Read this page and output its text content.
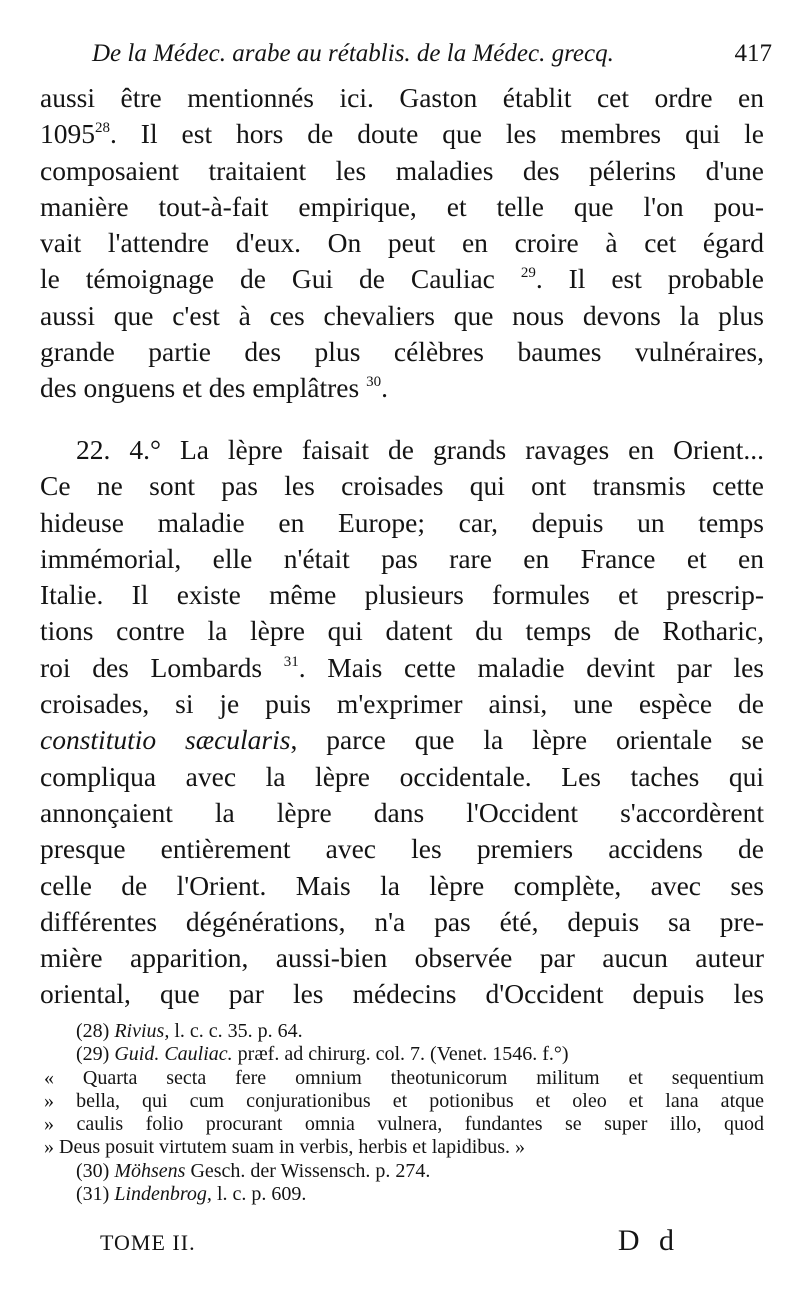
De la Médec. arabe au rétablis. de la Médec. grecq.	417
aussi être mentionnés ici. Gaston établit cet ordre en
1095$^{28}$. Il est hors de doute que les membres qui le
composaient traitaient les maladies des pélerins d'une
manière tout-à-fait empirique, et telle que l'on pou-
vait l'attendre d'eux. On peut en croire à cet égard
le témoignage de Gui de Cauliac $^{29}$. Il est probable
aussi que c'est à ces chevaliers que nous devons la plus
grande partie des plus célèbres baumes vulnéraires,
des onguens et des emplâtres $^{30}$.
22. 4.° La lèpre faisait de grands ravages en Orient...
Ce ne sont pas les croisades qui ont transmis cette
hideuse maladie en Europe; car, depuis un temps
immémorial, elle n'était pas rare en France et en
Italie. Il existe même plusieurs formules et prescrip-
tions contre la lèpre qui datent du temps de Rotharic,
roi des Lombards $^{31}$. Mais cette maladie devint par les
croisades, si je puis m'exprimer ainsi, une espèce de
constitutio sæcularis, parce que la lèpre orientale se
compliqua avec la lèpre occidentale. Les taches qui
annonçaient la lèpre dans l'Occident s'accordèrent
presque entièrement avec les premiers accidens de
celle de l'Orient. Mais la lèpre complète, avec ses
différentes dégénérations, n'a pas été, depuis sa pre-
mière apparition, aussi-bien observée par aucun auteur
oriental, que par les médecins d'Occident depuis les
(28) Rivius, l. c. c. 35. p. 64.
(29) Guid. Cauliac. præf. ad chirurg. col. 7. (Venet. 1546. f.°)
« Quarta secta fere omnium theotunicorum militum et sequentium
» bella, qui cum conjurationibus et potionibus et oleo et lana atque
» caulis folio procurant omnia vulnera, fundantes se super illo, quod
» Deus posuit virtutem suam in verbis, herbis et lapidibus. »
(30) Möhsens Gesch. der Wissensch. p. 274.
(31) Lindenbrog, l. c. p. 609.
TOME II.	D d
